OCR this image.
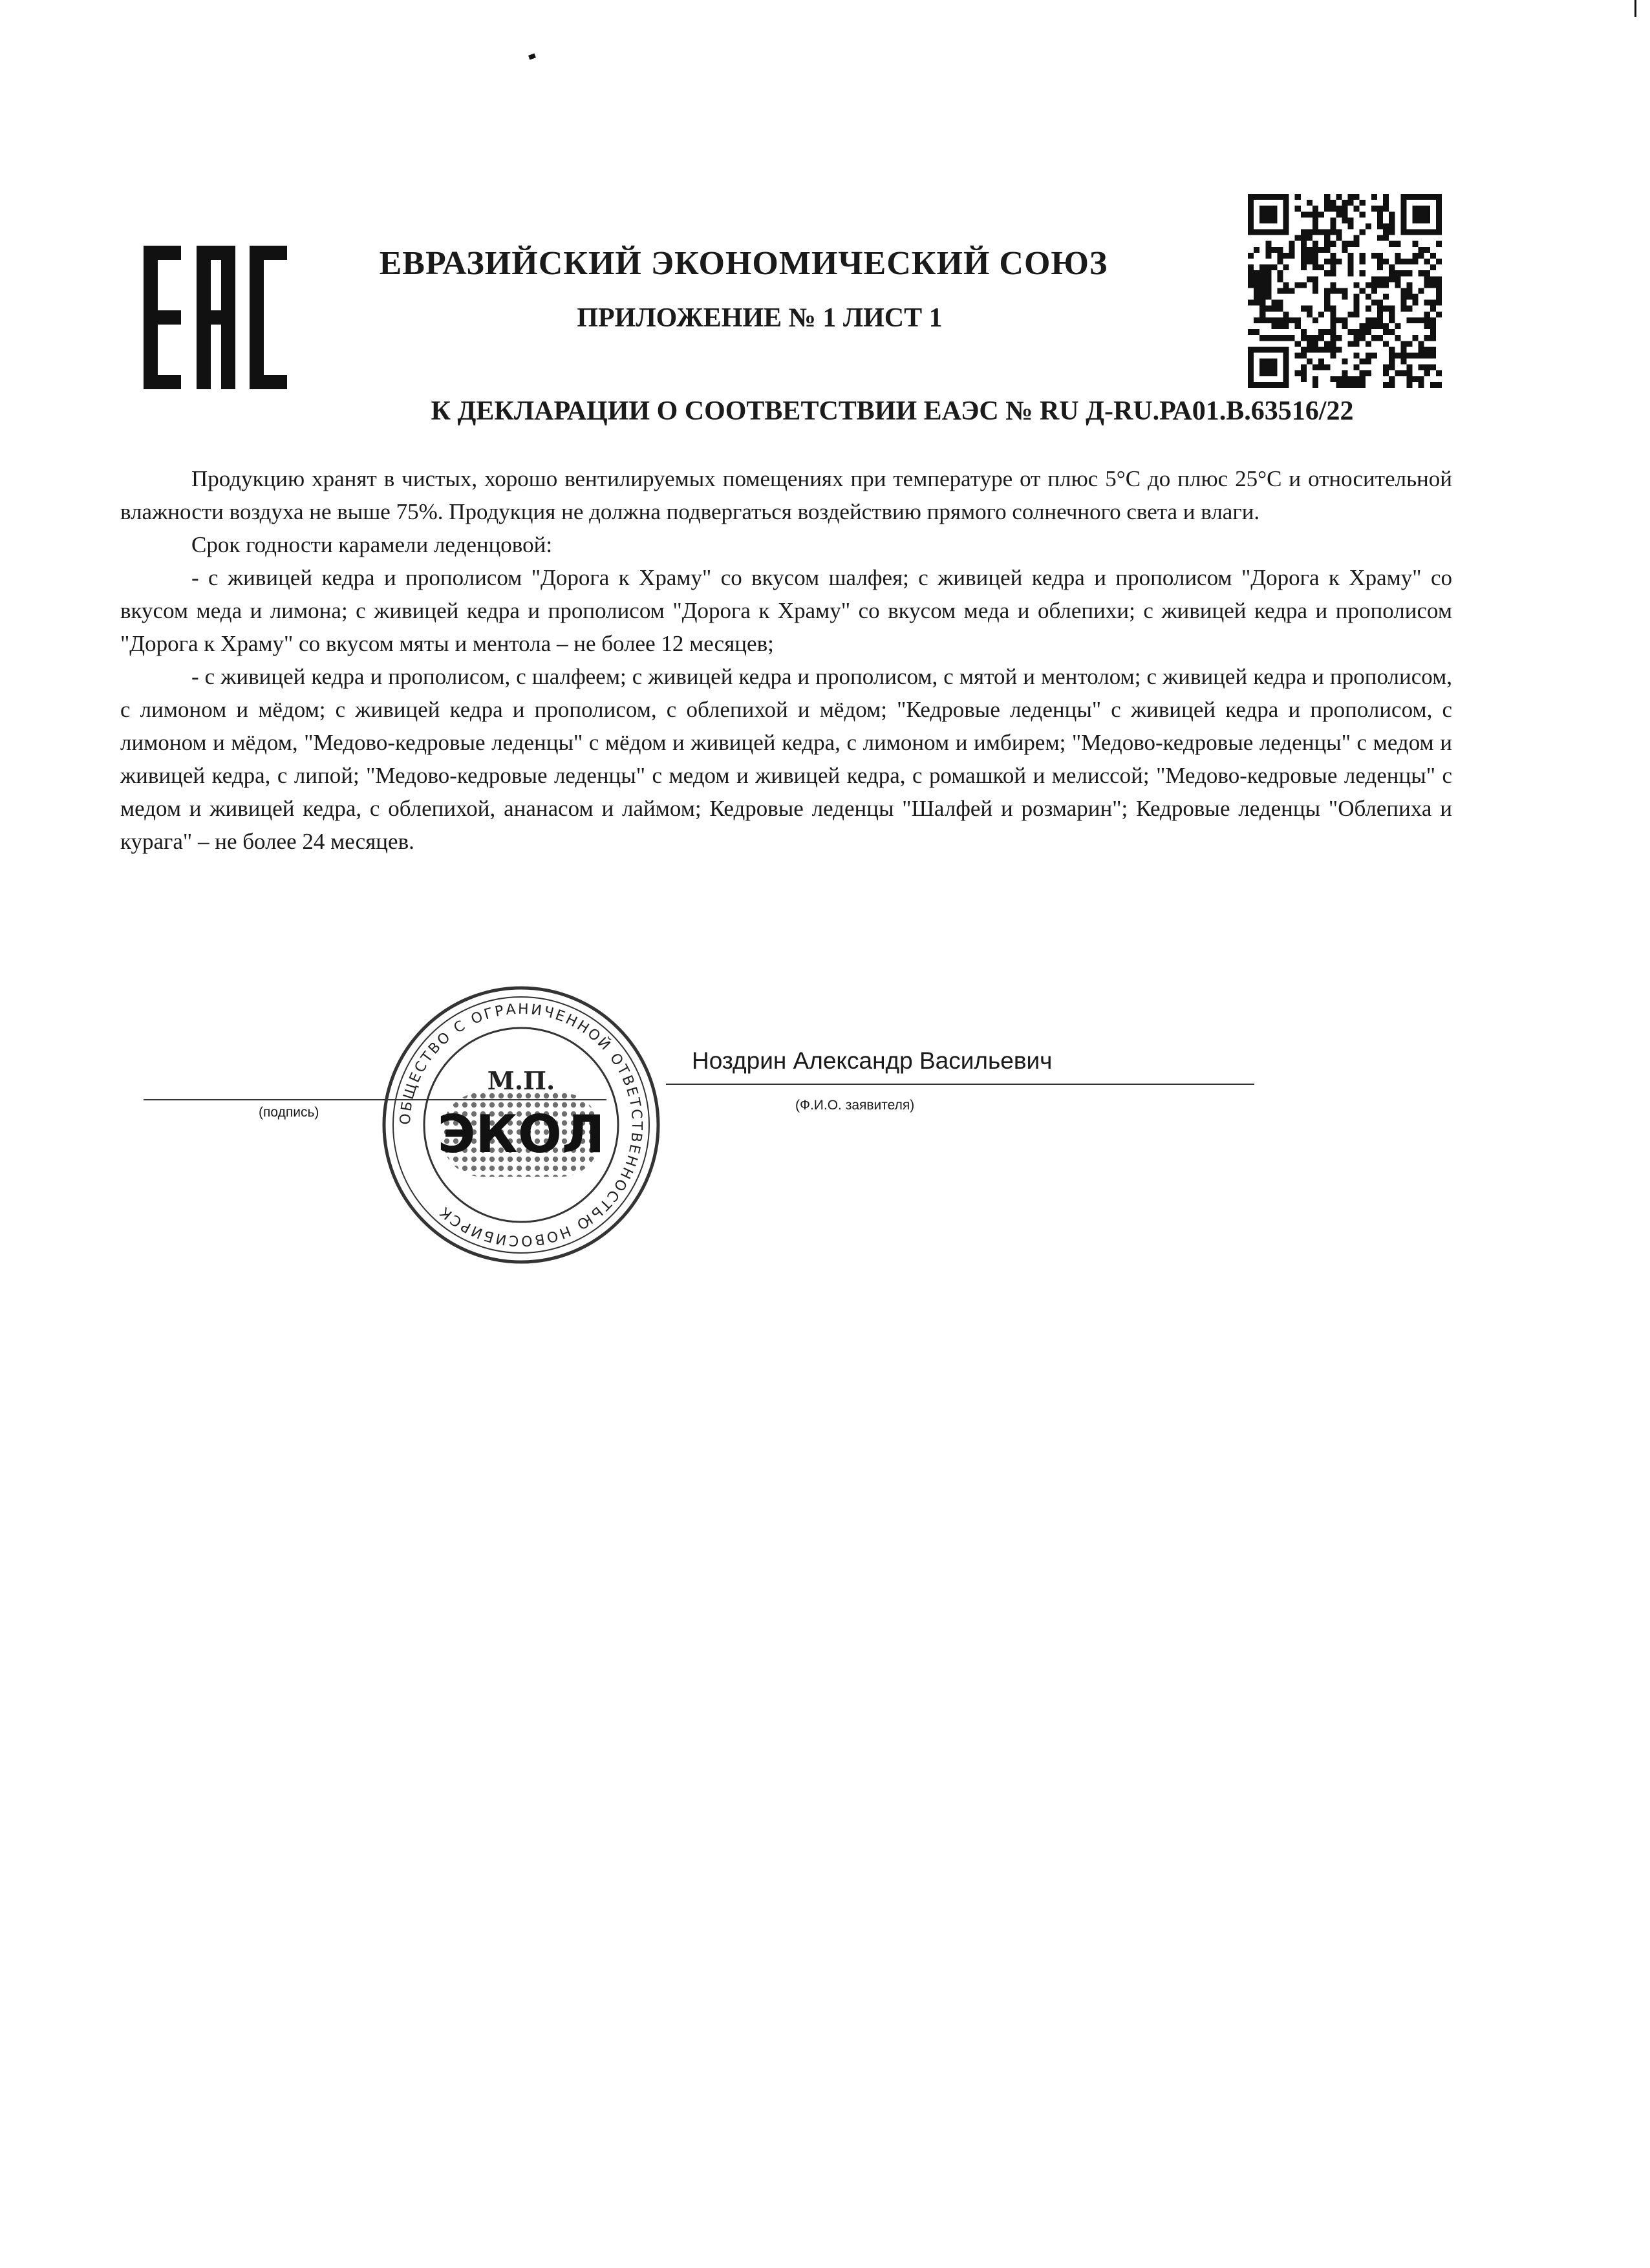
ЕВРАЗИЙСКИЙ ЭКОНОМИЧЕСКИЙ СОЮЗ
ПРИЛОЖЕНИЕ № 1 ЛИСТ 1
К ДЕКЛАРАЦИИ О СООТВЕТСТВИИ ЕАЭС № RU Д-RU.РА01.В.63516/22

Продукцию хранят в чистых, хорошо вентилируемых помещениях при температуре от плюс 5°С до плюс 25°С и относительной влажности воздуха не выше 75%. Продукция не должна подвергаться воздействию прямого солнечного света и влаги.

Срок годности карамели леденцовой:

- с живицей кедра и прополисом "Дорога к Храму" со вкусом шалфея; с живицей кедра и прополисом "Дорога к Храму" со вкусом меда и лимона; с живицей кедра и прополисом "Дорога к Храму" со вкусом меда и облепихи; с живицей кедра и прополисом "Дорога к Храму" со вкусом мяты и ментола – не более 12 месяцев;

- с живицей кедра и прополисом, с шалфеем; с живицей кедра и прополисом, с мятой и ментолом; с живицей кедра и прополисом, с лимоном и мёдом; с живицей кедра и прополисом, с облепихой и мёдом; "Кедровые леденцы" с живицей кедра и прополисом, с лимоном и мёдом, "Медово-кедровые леденцы" с мёдом и живицей кедра, с лимоном и имбирем; "Медово-кедровые леденцы" с медом и живицей кедра, с липой; "Медово-кедровые леденцы" с медом и живицей кедра, с ромашкой и мелиссой; "Медово-кедровые леденцы" с медом и живицей кедра, с облепихой, ананасом и лаймом; Кедровые леденцы "Шалфей и розмарин"; Кедровые леденцы "Облепиха и курага" – не более 24 месяцев.

Ноздрин Александр Васильевич
(подпись)	(Ф.И.О. заявителя)
ОБЩЕСТВО С ОГРАНИЧЕННОЙ ОТВЕТСТВЕННОСТЬЮ НОВОСИБИРСК
М.П.
ЭКОЛ
